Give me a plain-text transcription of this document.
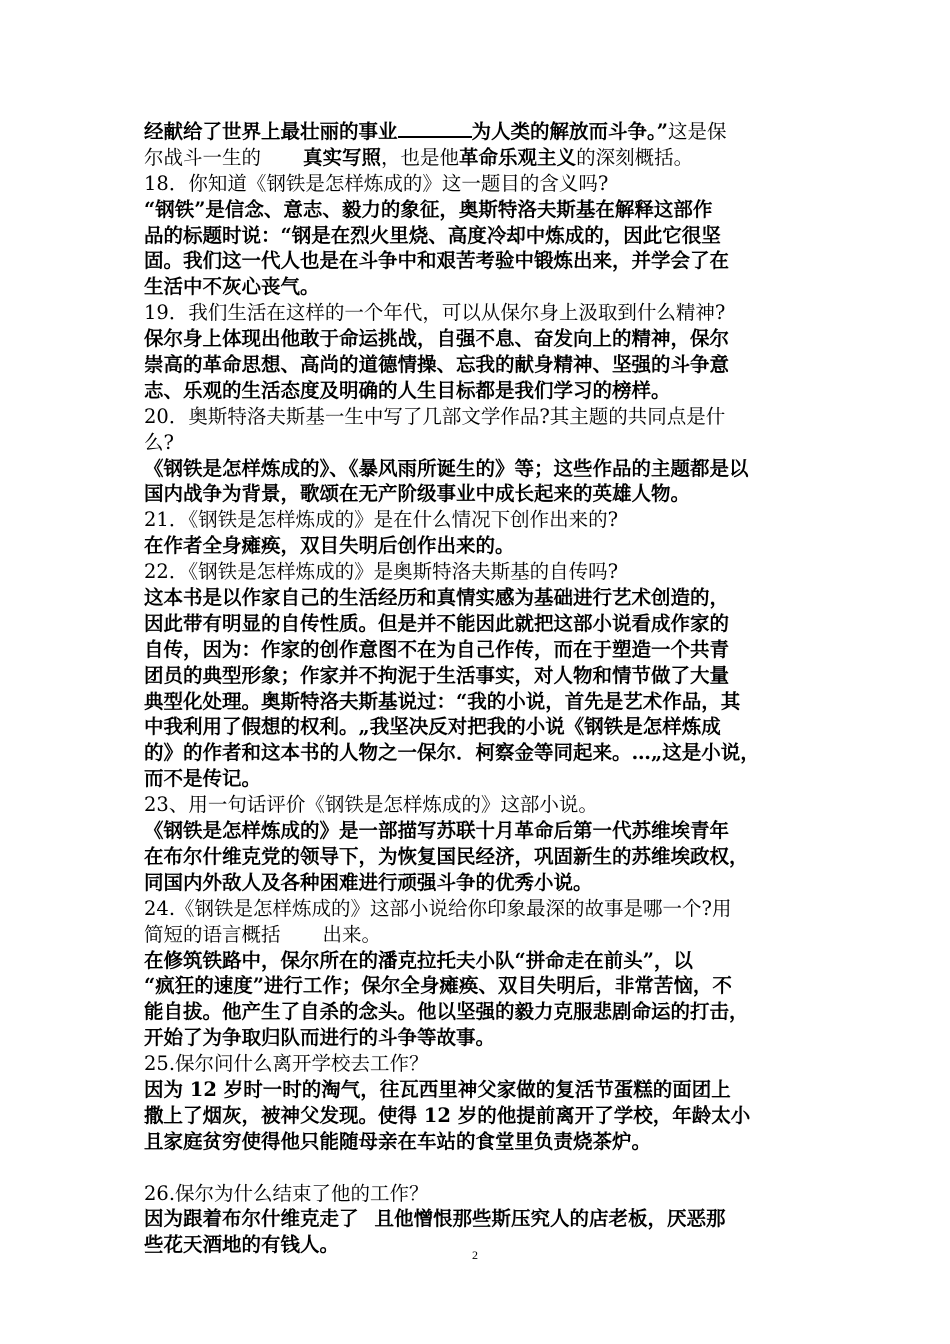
经献给了世界上最壮丽的事业	为人类的解放而斗争。”这是保
尔战斗一生的 真实写照，也是他革命乐观主义的深刻概括。
18．你知道《钢铁是怎样炼成的》这一题目的含义吗?
“钢铁”是信念、意志、毅力的象征，奥斯特洛夫斯基在解释这部作
品的标题时说：“钢是在烈火里烧、高度冷却中炼成的，因此它很坚
固。我们这一代人也是在斗争中和艰苦考验中锻炼出来，并学会了在
生活中不灰心丧气。
19．我们生活在这样的一个年代，可以从保尔身上汲取到什么精神?
保尔身上体现出他敢于命运挑战，自强不息、奋发向上的精神，保尔
崇高的革命思想、高尚的道德情操、忘我的献身精神、坚强的斗争意
志、乐观的生活态度及明确的人生目标都是我们学习的榜样。
20．奥斯特洛夫斯基一生中写了几部文学作品?其主题的共同点是什
么?
《钢铁是怎样炼成的》、《暴风雨所诞生的》等；这些作品的主题都是以
国内战争为背景，歌颂在无产阶级事业中成长起来的英雄人物。
21．《钢铁是怎样炼成的》是在什么情况下创作出来的?
在作者全身瘫痪，双目失明后创作出来的。
22．《钢铁是怎样炼成的》是奥斯特洛夫斯基的自传吗?
这本书是以作家自己的生活经历和真情实感为基础进行艺术创造的，
因此带有明显的自传性质。但是并不能因此就把这部小说看成作家的
自传，因为：作家的创作意图不在为自己作传，而在于塑造一个共青
团员的典型形象；作家并不拘泥于生活事实，对人物和情节做了大量
典型化处理。奥斯特洛夫斯基说过：“我的小说，首先是艺术作品，其
中我利用了假想的权利。„我坚决反对把我的小说《钢铁是怎样炼成
的》的作者和这本书的人物之一保尔．柯察金等同起来。…„这是小说，
而不是传记。
23、用一句话评价《钢铁是怎样炼成的》这部小说。
《钢铁是怎样炼成的》是一部描写苏联十月革命后第一代苏维埃青年
在布尔什维克党的领导下，为恢复国民经济，巩固新生的苏维埃政权，
同国内外敌人及各种困难进行顽强斗争的优秀小说。
24.《钢铁是怎样炼成的》这部小说给你印象最深的故事是哪一个?用
简短的语言概括 出来。
在修筑铁路中，保尔所在的潘克拉托夫小队“拼命走在前头”，以
“疯狂的速度”进行工作；保尔全身瘫痪、双目失明后，非常苦恼，不
能自拔。他产生了自杀的念头。他以坚强的毅力克服悲剧命运的打击，
开始了为争取归队而进行的斗争等故事。
25.保尔问什么离开学校去工作？
因为 12 岁时一时的淘气，往瓦西里神父家做的复活节蛋糕的面团上
撒上了烟灰，被神父发现。使得 12 岁的他提前离开了学校，年龄太小
且家庭贫穷使得他只能随母亲在车站的食堂里负责烧茶炉。
26.保尔为什么结束了他的工作？
因为跟着布尔什维克走了 且他憎恨那些斯压究人的店老板，厌恶那
些花天酒地的有钱人。	2
